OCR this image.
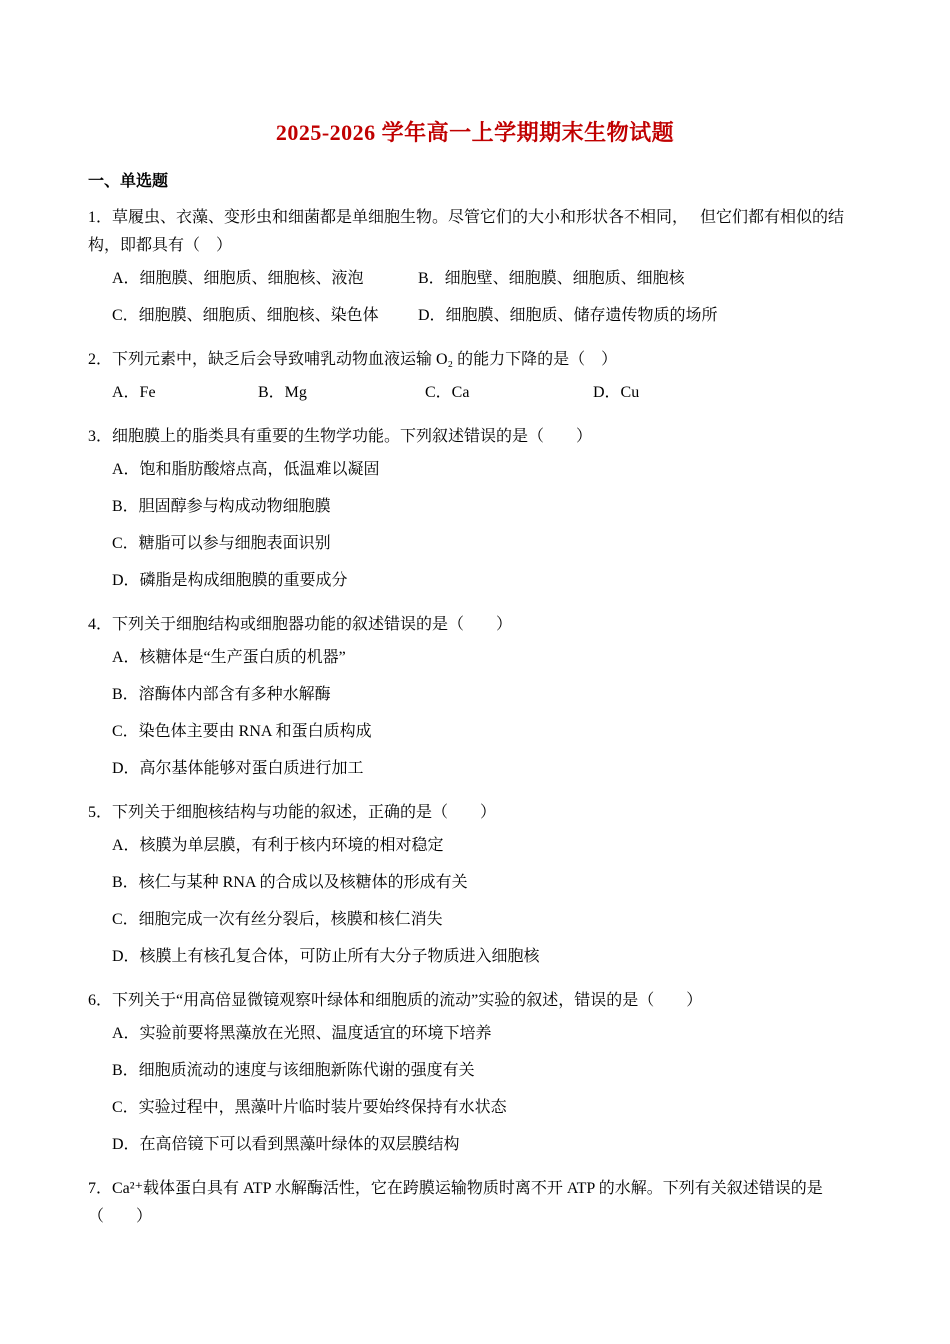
2025-2026 学年高一上学期期末生物试题
一、单选题

1．草履虫、衣藻、变形虫和细菌都是单细胞生物。尽管它们的大小和形状各不相同，　 但它们都有相似的结构，即都具有（　）

A．细胞膜、细胞质、细胞核、液泡	B．细胞壁、细胞膜、细胞质、细胞核
C．细胞膜、细胞质、细胞核、染色体	D．细胞膜、细胞质、储存遗传物质的场所

2．下列元素中，缺乏后会导致哺乳动物血液运输 O₂ 的能力下降的是（　）

A．Fe	B．Mg	C．Ca	D．Cu

3．细胞膜上的脂类具有重要的生物学功能。下列叙述错误的是（　　）

A．饱和脂肪酸熔点高，低温难以凝固
B．胆固醇参与构成动物细胞膜
C．糖脂可以参与细胞表面识别
D．磷脂是构成细胞膜的重要成分

4．下列关于细胞结构或细胞器功能的叙述错误的是（　　）

A．核糖体是“生产蛋白质的机器”
B．溶酶体内部含有多种水解酶
C．染色体主要由 RNA 和蛋白质构成
D．高尔基体能够对蛋白质进行加工

5．下列关于细胞核结构与功能的叙述，正确的是（　　）

A．核膜为单层膜，有利于核内环境的相对稳定
B．核仁与某种 RNA 的合成以及核糖体的形成有关
C．细胞完成一次有丝分裂后，核膜和核仁消失
D．核膜上有核孔复合体，可防止所有大分子物质进入细胞核

6．下列关于“用高倍显微镜观察叶绿体和细胞质的流动”实验的叙述，错误的是（　　）

A．实验前要将黑藻放在光照、温度适宜的环境下培养
B．细胞质流动的速度与该细胞新陈代谢的强度有关
C．实验过程中，黑藻叶片临时装片要始终保持有水状态
D．在高倍镜下可以看到黑藻叶绿体的双层膜结构

7．Ca²⁺载体蛋白具有 ATP 水解酶活性，它在跨膜运输物质时离不开 ATP 的水解。下列有关叙述错误的是（　　）
